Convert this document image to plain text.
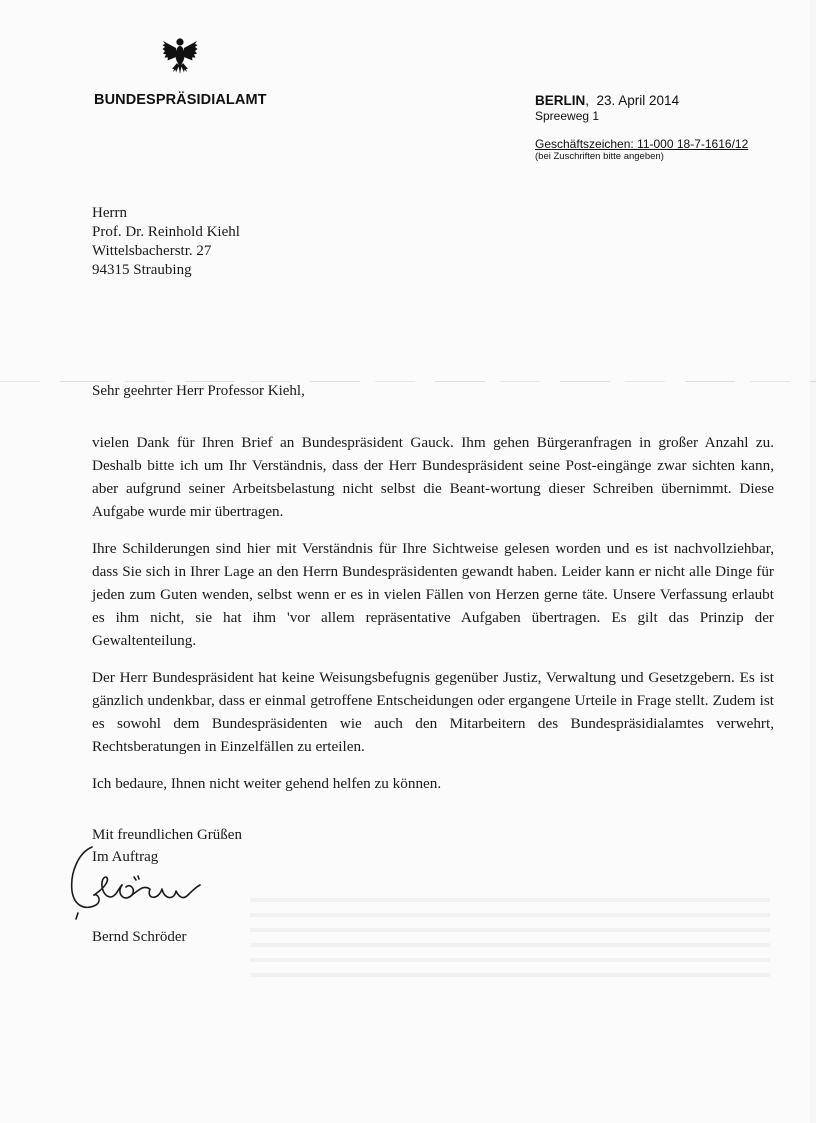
BUNDESPRÄSIDIALAMT	BERLIN,  23. April 2014
Spreeweg 1
Geschäftszeichen: 11-000 18-7-1616/12
(bei Zuschriften bitte angeben)
Herrn
Prof. Dr. Reinhold Kiehl
Wittelsbacherstr. 27
94315 Straubing
Sehr geehrter Herr Professor Kiehl,

vielen Dank für Ihren Brief an Bundespräsident Gauck. Ihm gehen Bürgeranfragen in großer Anzahl zu. Deshalb bitte ich um Ihr Verständnis, dass der Herr Bundespräsident seine Post-eingänge zwar sichten kann, aber aufgrund seiner Arbeitsbelastung nicht selbst die Beant-wortung dieser Schreiben übernimmt. Diese Aufgabe wurde mir übertragen.

Ihre Schilderungen sind hier mit Verständnis für Ihre Sichtweise gelesen worden und es ist nachvollziehbar, dass Sie sich in Ihrer Lage an den Herrn Bundespräsidenten gewandt haben. Leider kann er nicht alle Dinge für jeden zum Guten wenden, selbst wenn er es in vielen Fällen von Herzen gerne täte. Unsere Verfassung erlaubt es ihm nicht, sie hat ihm 'vor allem repräsentative Aufgaben übertragen. Es gilt das Prinzip der Gewaltenteilung.

Der Herr Bundespräsident hat keine Weisungsbefugnis gegenüber Justiz, Verwaltung und Gesetzgebern. Es ist gänzlich undenkbar, dass er einmal getroffene Entscheidungen oder ergangene Urteile in Frage stellt. Zudem ist es sowohl dem Bundespräsidenten wie auch den Mitarbeitern des Bundespräsidialamtes verwehrt, Rechtsberatungen in Einzelfällen zu erteilen.

Ich bedaure, Ihnen nicht weiter gehend helfen zu können.

Mit freundlichen Grüßen
Im Auftrag
Bernd Schröder
